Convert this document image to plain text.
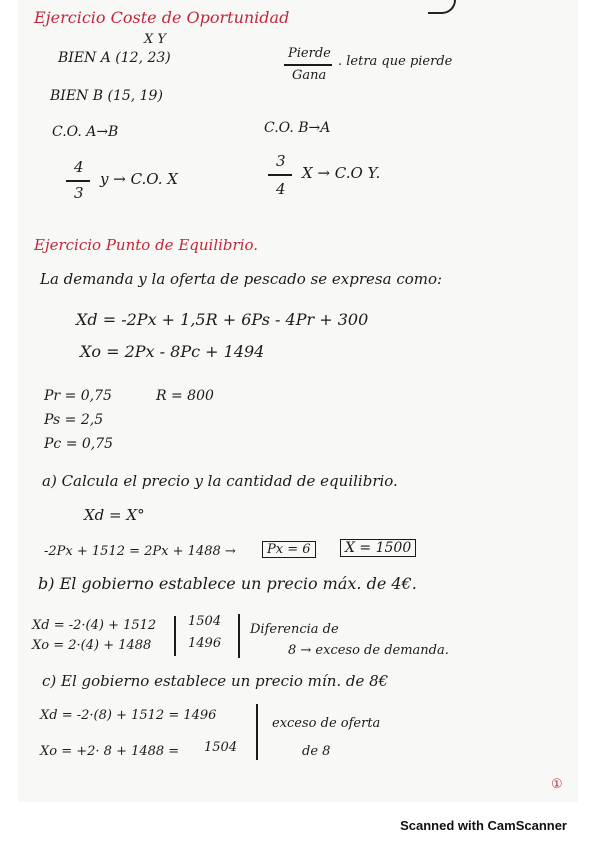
Ejercicio Coste de Oportunidad
X Y
BIEN A (12, 23)	Pierde
Gana
. letra que pierde
BIEN B (15, 19)
C.O. A→B	C.O. B→A
4
3
y → C.O. X
3
4
X → C.O Y.
Ejercicio Punto de Equilibrio.
La demanda y la oferta de pescado se expresa como:
Xd = -2Px + 1,5R + 6Ps - 4Pr + 300
Xo = 2Px - 8Pc + 1494
Pr = 0,75	R = 800
Ps = 2,5
Pc = 0,75
a) Calcula el precio y la cantidad de equilibrio.
Xd = X°
-2Px + 1512 = 2Px + 1488 →	Px = 6	X = 1500
b) El gobierno establece un precio máx. de 4€.
Xd = -2·(4) + 1512
Xo = 2·(4) + 1488
1504
1496
Diferencia de
8 → exceso de demanda.
c) El gobierno establece un precio mín. de 8€
Xd = -2·(8) + 1512 = 1496
Xo = +2· 8 + 1488 = 1504
exceso de oferta
de 8
①
Scanned with CamScanner
